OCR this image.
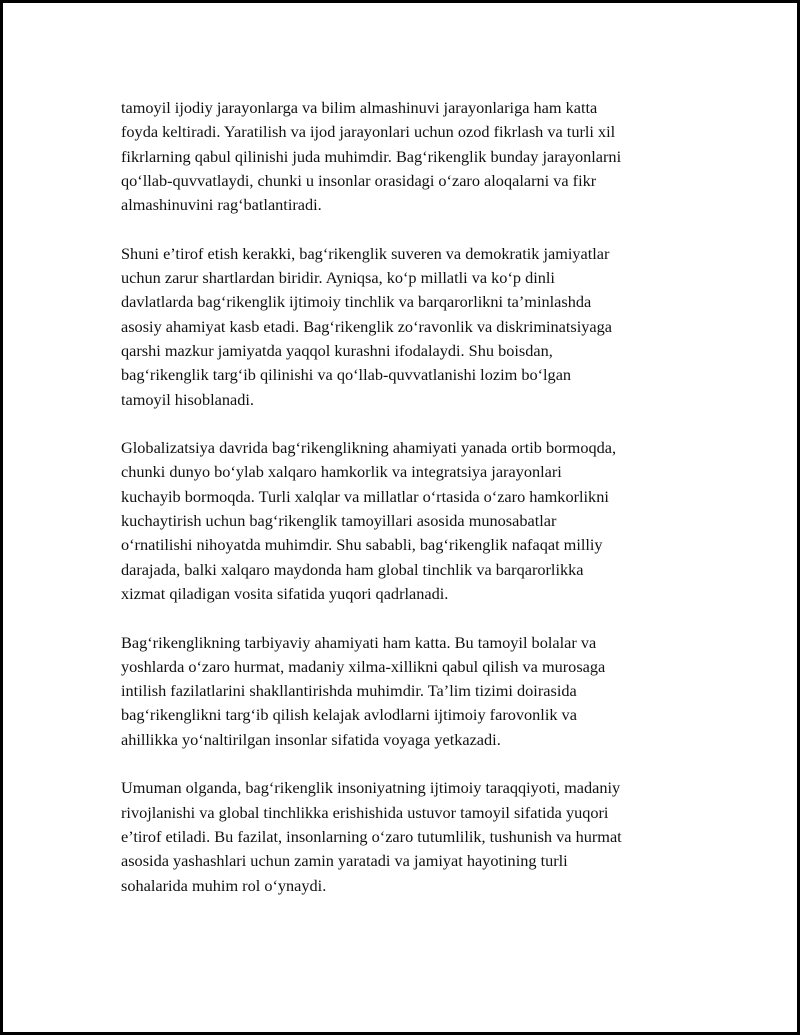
tamoyil ijodiy jarayonlarga va bilim almashinuvi jarayonlariga ham katta
foyda keltiradi. Yaratilish va ijod jarayonlari uchun ozod fikrlash va turli xil
fikrlarning qabul qilinishi juda muhimdir. Bag‘rikenglik bunday jarayonlarni
qo‘llab-quvvatlaydi, chunki u insonlar orasidagi o‘zaro aloqalarni va fikr
almashinuvini rag‘batlantiradi.

Shuni e’tirof etish kerakki, bag‘rikenglik suveren va demokratik jamiyatlar
uchun zarur shartlardan biridir. Ayniqsa, ko‘p millatli va ko‘p dinli
davlatlarda bag‘rikenglik ijtimoiy tinchlik va barqarorlikni ta’minlashda
asosiy ahamiyat kasb etadi. Bag‘rikenglik zo‘ravonlik va diskriminatsiyaga
qarshi mazkur jamiyatda yaqqol kurashni ifodalaydi. Shu boisdan,
bag‘rikenglik targ‘ib qilinishi va qo‘llab-quvvatlanishi lozim bo‘lgan
tamoyil hisoblanadi.

Globalizatsiya davrida bag‘rikenglikning ahamiyati yanada ortib bormoqda,
chunki dunyo bo‘ylab xalqaro hamkorlik va integratsiya jarayonlari
kuchayib bormoqda. Turli xalqlar va millatlar o‘rtasida o‘zaro hamkorlikni
kuchaytirish uchun bag‘rikenglik tamoyillari asosida munosabatlar
o‘rnatilishi nihoyatda muhimdir. Shu sababli, bag‘rikenglik nafaqat milliy
darajada, balki xalqaro maydonda ham global tinchlik va barqarorlikka
xizmat qiladigan vosita sifatida yuqori qadrlanadi.

Bag‘rikenglikning tarbiyaviy ahamiyati ham katta. Bu tamoyil bolalar va
yoshlarda o‘zaro hurmat, madaniy xilma-xillikni qabul qilish va murosaga
intilish fazilatlarini shakllantirishda muhimdir. Ta’lim tizimi doirasida
bag‘rikenglikni targ‘ib qilish kelajak avlodlarni ijtimoiy farovonlik va
ahillikka yo‘naltirilgan insonlar sifatida voyaga yetkazadi.

Umuman olganda, bag‘rikenglik insoniyatning ijtimoiy taraqqiyoti, madaniy
rivojlanishi va global tinchlikka erishishida ustuvor tamoyil sifatida yuqori
e’tirof etiladi. Bu fazilat, insonlarning o‘zaro tutumlilik, tushunish va hurmat
asosida yashashlari uchun zamin yaratadi va jamiyat hayotining turli
sohalarida muhim rol o‘ynaydi.
